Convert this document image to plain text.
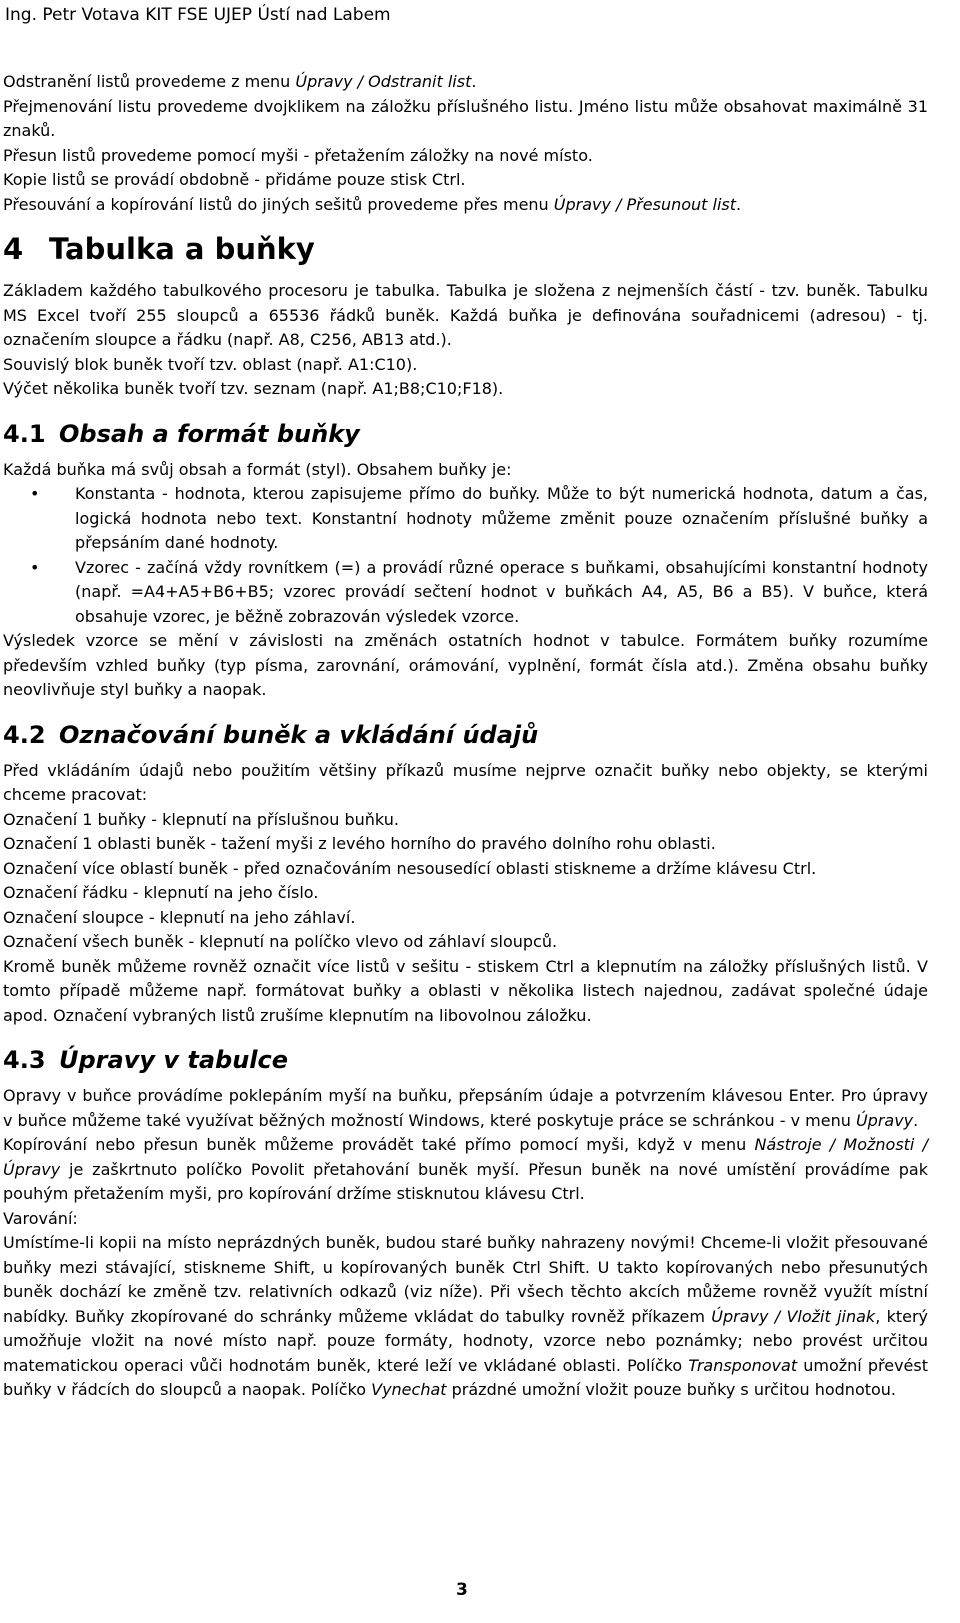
Ing. Petr Votava KIT FSE UJEP Ústí nad Labem

Odstranění listů provedeme z menu Úpravy / Odstranit list.

Přejmenování listu provedeme dvojklikem na záložku příslušného listu. Jméno listu může obsahovat maximálně 31 znaků.

Přesun listů provedeme pomocí myši - přetažením záložky na nové místo.

Kopie listů se provádí obdobně - přidáme pouze stisk Ctrl.

Přesouvání a kopírování listů do jiných sešitů provedeme přes menu Úpravy / Přesunout list.

4 Tabulka a buňky

Základem každého tabulkového procesoru je tabulka. Tabulka je složena z nejmenších částí - tzv. buněk. Tabulku MS Excel tvoří 255 sloupců a 65536 řádků buněk. Každá buňka je definována souřadnicemi (adresou) - tj. označením sloupce a řádku (např. A8, C256, AB13 atd.).

Souvislý blok buněk tvoří tzv. oblast (např. A1:C10).

Výčet několika buněk tvoří tzv. seznam (např. A1;B8;C10;F18).

4.1 Obsah a formát buňky

Každá buňka má svůj obsah a formát (styl). Obsahem buňky je:

• Konstanta - hodnota, kterou zapisujeme přímo do buňky. Může to být numerická hodnota, datum a čas, logická hodnota nebo text. Konstantní hodnoty můžeme změnit pouze označením příslušné buňky a přepsáním dané hodnoty.
• Vzorec - začíná vždy rovnítkem (=) a provádí různé operace s buňkami, obsahujícími konstantní hodnoty (např. =A4+A5+B6+B5; vzorec provádí sečtení hodnot v buňkách A4, A5, B6 a B5). V buňce, která obsahuje vzorec, je běžně zobrazován výsledek vzorce.

Výsledek vzorce se mění v závislosti na změnách ostatních hodnot v tabulce. Formátem buňky rozumíme především vzhled buňky (typ písma, zarovnání, orámování, vyplnění, formát čísla atd.). Změna obsahu buňky neovlivňuje styl buňky a naopak.

4.2 Označování buněk a vkládání údajů

Před vkládáním údajů nebo použitím většiny příkazů musíme nejprve označit buňky nebo objekty, se kterými chceme pracovat:

Označení 1 buňky - klepnutí na příslušnou buňku.

Označení 1 oblasti buněk - tažení myši z levého horního do pravého dolního rohu oblasti.

Označení více oblastí buněk - před označováním nesousedící oblasti stiskneme a držíme klávesu Ctrl.

Označení řádku - klepnutí na jeho číslo.

Označení sloupce - klepnutí na jeho záhlaví.

Označení všech buněk - klepnutí na políčko vlevo od záhlaví sloupců.

Kromě buněk můžeme rovněž označit více listů v sešitu - stiskem Ctrl a klepnutím na záložky příslušných listů. V tomto případě můžeme např. formátovat buňky a oblasti v několika listech najednou, zadávat společné údaje apod. Označení vybraných listů zrušíme klepnutím na libovolnou záložku.

4.3 Úpravy v tabulce

Opravy v buňce provádíme poklepáním myší na buňku, přepsáním údaje a potvrzením klávesou Enter. Pro úpravy v buňce můžeme také využívat běžných možností Windows, které poskytuje práce se schránkou - v menu Úpravy.

Kopírování nebo přesun buněk můžeme provádět také přímo pomocí myši, když v menu Nástroje / Možnosti / Úpravy je zaškrtnuto políčko Povolit přetahování buněk myší. Přesun buněk na nové umístění provádíme pak pouhým přetažením myši, pro kopírování držíme stisknutou klávesu Ctrl.

Varování:

Umístíme-li kopii na místo neprázdných buněk, budou staré buňky nahrazeny novými! Chceme-li vložit přesouvané buňky mezi stávající, stiskneme Shift, u kopírovaných buněk Ctrl Shift. U takto kopírovaných nebo přesunutých buněk dochází ke změně tzv. relativních odkazů (viz níže). Při všech těchto akcích můžeme rovněž využít místní nabídky. Buňky zkopírované do schránky můžeme vkládat do tabulky rovněž příkazem Úpravy / Vložit jinak, který umožňuje vložit na nové místo např. pouze formáty, hodnoty, vzorce nebo poznámky; nebo provést určitou matematickou operaci vůči hodnotám buněk, které leží ve vkládané oblasti. Políčko Transponovat umožní převést buňky v řádcích do sloupců a naopak. Políčko Vynechat prázdné umožní vložit pouze buňky s určitou hodnotou.

3
